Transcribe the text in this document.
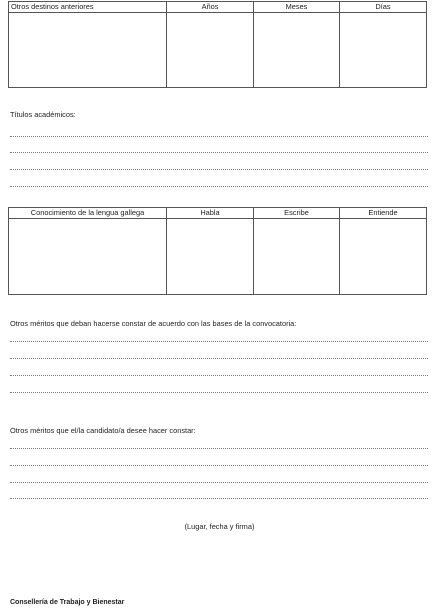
Otros destinos anteriores	Años	Meses	Días

Títulos académicos:
Conocimiento de la lengua gallega	Habla	Escribe	Entiende

Otros méritos que deban hacerse constar de acuerdo con las bases de la convocatoria:
Otros méritos que el/la candidato/a desee hacer constar:
(Lugar, fecha y firma)
Consellería de Trabajo y Bienestar
